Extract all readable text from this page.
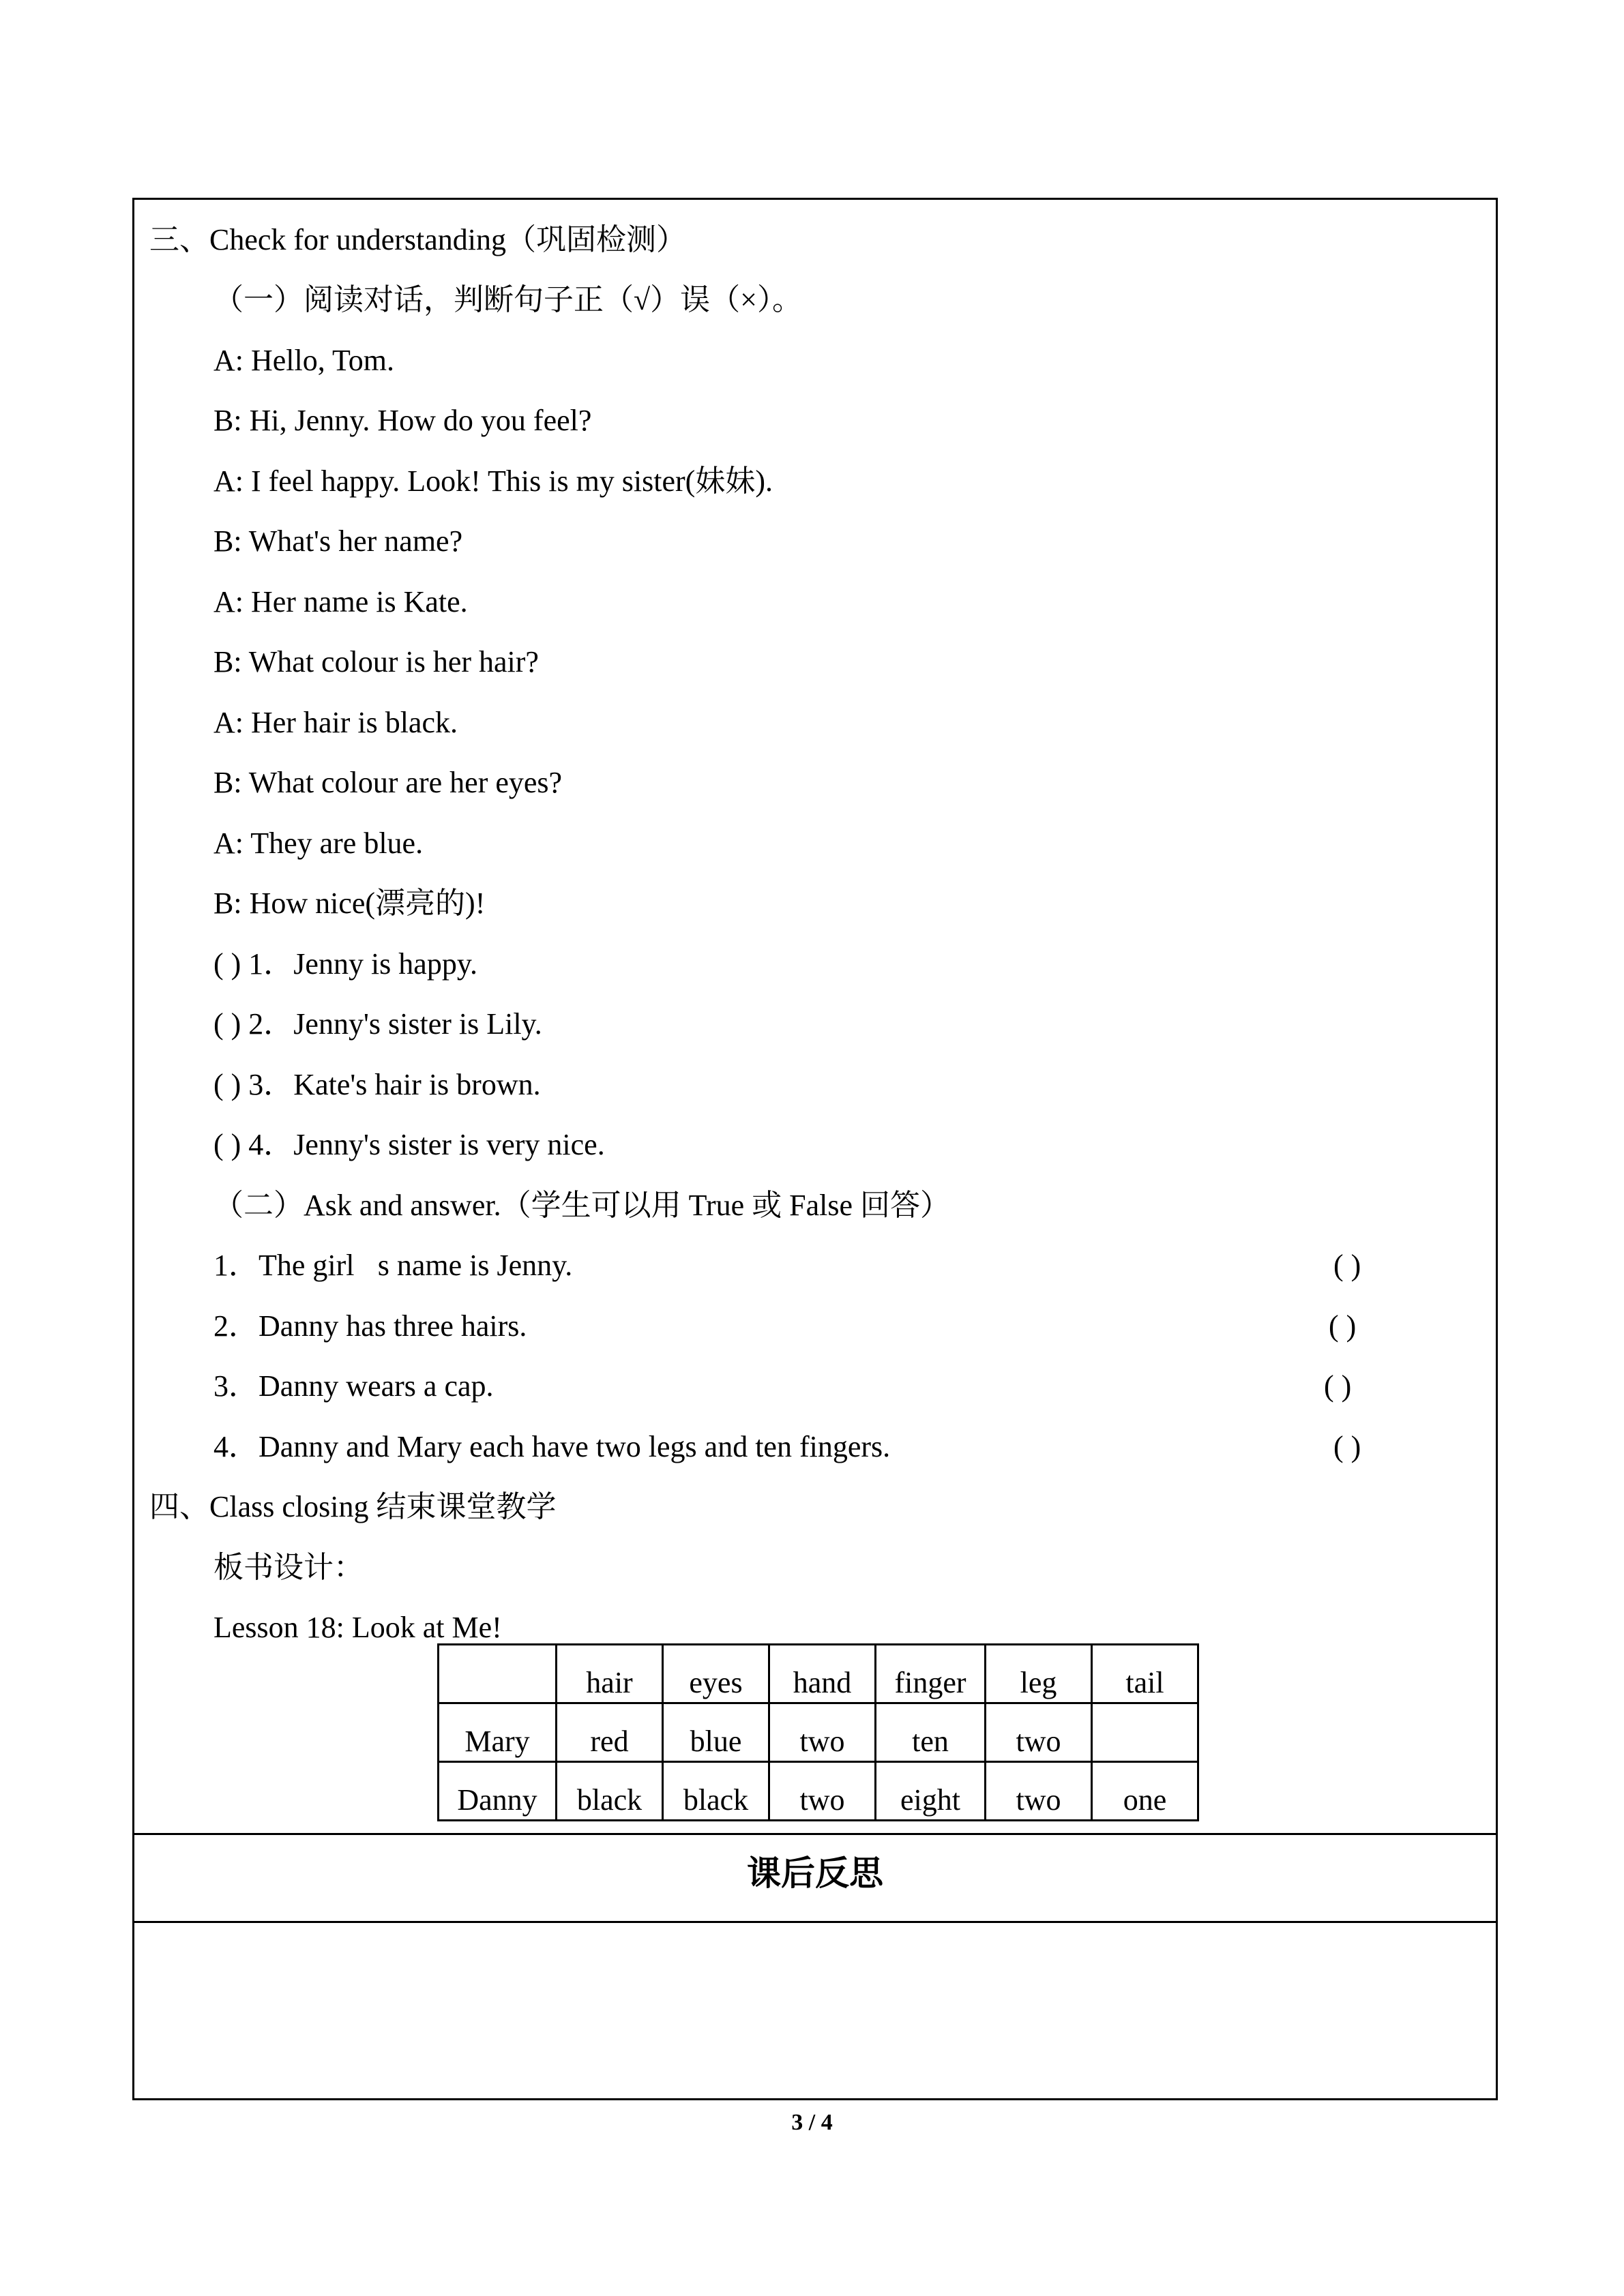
三、Check for understanding（巩固检测）
（一）阅读对话，判断句子正（√）误（×）。
A: Hello, Tom.
B: Hi, Jenny. How do you feel?
A: I feel happy. Look! This is my sister(妹妹).
B: What's her name?
A: Her name is Kate.
B: What colour is her hair?
A: Her hair is black.
B: What colour are her eyes?
A: They are blue.
B: How nice(漂亮的)!
( ) 1．Jenny is happy.
( ) 2．Jenny's sister is Lily.
( ) 3．Kate's hair is brown.
( ) 4．Jenny's sister is very nice.
（二）Ask and answer.（学生可以用 True 或 False 回答）
1．The girl s name is Jenny.	( )
2．Danny has three hairs.	( )
3．Danny wears a cap.	( )
4．Danny and Mary each have two legs and ten fingers.	( )
四、Class closing 结束课堂教学
板书设计：
Lesson 18: Look at Me!
	hair	eyes	hand	finger	leg	tail
Mary	red	blue	two	ten	two	
Danny	black	black	two	eight	two	one
课后反思
3 / 4
